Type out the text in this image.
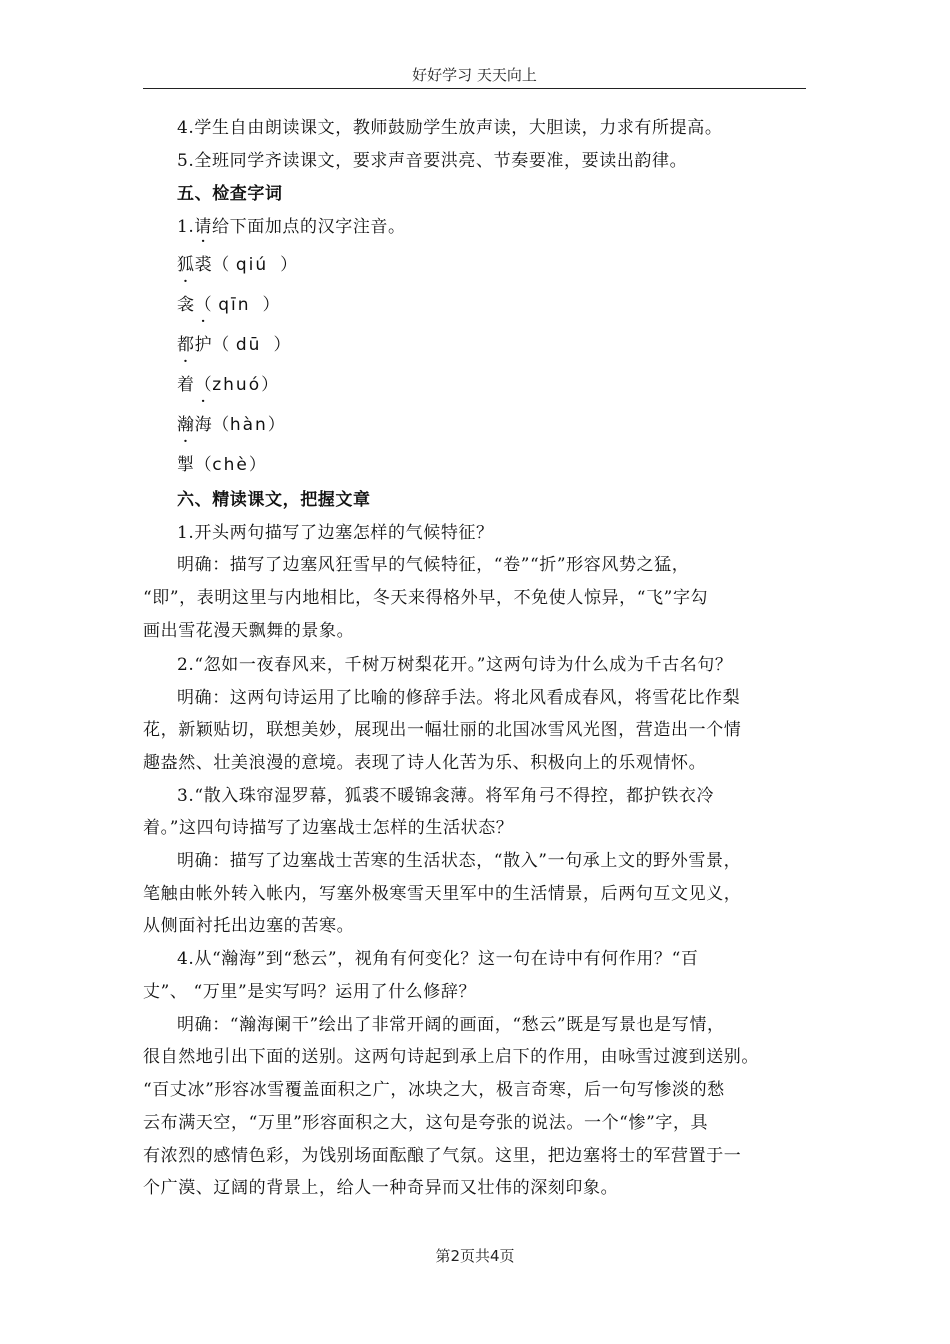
好好学习 天天向上
4.学生自由朗读课文，教师鼓励学生放声读，大胆读，力求有所提高。
5.全班同学齐读课文，要求声音要洪亮、节奏要准，要读出韵律。
五、检查字词
1.请给下面加点的汉字注音。
狐裘（ qiú ）
衾（ qīn ）
都护（ dū ）
着（zhuó）
瀚海（hàn）
掣（chè）
六、精读课文，把握文章
1.开头两句描写了边塞怎样的气候特征？
明确：描写了边塞风狂雪早的气候特征，“卷”“折”形容风势之猛，
“即”，表明这里与内地相比，冬天来得格外早，不免使人惊异，“飞”字勾
画出雪花漫天飘舞的景象。
2.“忽如一夜春风来，千树万树梨花开。”这两句诗为什么成为千古名句？
明确：这两句诗运用了比喻的修辞手法。将北风看成春风，将雪花比作梨
花，新颖贴切，联想美妙，展现出一幅壮丽的北国冰雪风光图，营造出一个情
趣盎然、壮美浪漫的意境。表现了诗人化苦为乐、积极向上的乐观情怀。
3.“散入珠帘湿罗幕，狐裘不暖锦衾薄。将军角弓不得控，都护铁衣冷
着。”这四句诗描写了边塞战士怎样的生活状态？
明确：描写了边塞战士苦寒的生活状态，“散入”一句承上文的野外雪景，
笔触由帐外转入帐内，写塞外极寒雪天里军中的生活情景，后两句互文见义，
从侧面衬托出边塞的苦寒。
4.从“瀚海”到“愁云”，视角有何变化？这一句在诗中有何作用？“百
丈”、 “万里”是实写吗？运用了什么修辞？
明确：“瀚海阑干”绘出了非常开阔的画面，“愁云”既是写景也是写情，
很自然地引出下面的送别。这两句诗起到承上启下的作用，由咏雪过渡到送别。
“百丈冰”形容冰雪覆盖面积之广，冰块之大，极言奇寒，后一句写惨淡的愁
云布满天空，“万里”形容面积之大，这句是夸张的说法。一个“惨”字，具
有浓烈的感情色彩，为饯别场面酝酿了气氛。这里，把边塞将士的军营置于一
个广漠、辽阔的背景上，给人一种奇异而又壮伟的深刻印象。
第2页共4页
